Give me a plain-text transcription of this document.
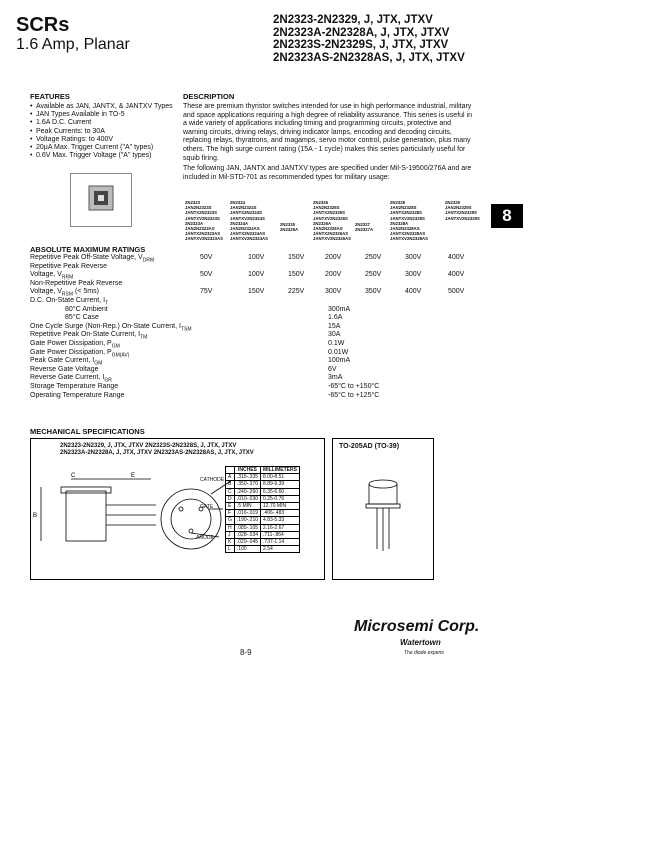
SCRs
1.6 Amp, Planar
2N2323-2N2329, J, JTX, JTXV
2N2323A-2N2328A, J, JTX, JTXV
2N2323S-2N2329S, J, JTX, JTXV
2N2323AS-2N2328AS, J, JTX, JTXV
FEATURES
• Available as JAN, JANTX, & JANTXV Types
• JAN Types Available in TO-5
• 1.6A D.C. Current
• Peak Currents: to 30A
• Voltage Ratings: to 400V
• 20µA Max. Trigger Current ("A" types)
• 0.6V Max. Trigger Voltage ("A" types)
DESCRIPTION

These are premium thyristor switches intended for use in high performance industrial, military and space applications requiring a high degree of reliability assurance. This series is useful in a wide variety of applications including timing and programming circuits, protective and warning circuits, driving relays, driving indicator lamps, encoding and decoding circuits, replacing relays, thyratrons, and magamps, servo motor control, pulse generation, plus many others. The high surge current rating (15A - 1 cycle) makes this series particularly useful for squib firing.

The following JAN, JANTX and JANTXV types are specified under Mil-S-19500/276A and are included in Mil-STD-701 as recommended types for military usage:

8
2N2323
JAN2N2323S
JANTX2N2323S
JANTXV2N2323S
2N2323A
JAN2N2323AS
JANTX2N2323AS
JANTXV2N2323AS
2N2324
JAN2N2324S
JANTX2N2324S
JANTXV2N2324S
2N2324A
JAN2N2324AS
JANTX2N2324AS
JANTXV2N2324AS
2N2325
2N2325A
2N2326
JAN2N2326S
JANTX2N2326S
JANTXV2N2326S
2N2326A
JAN2N2326AS
JANTX2N2326AS
JANTXV2N2326AS
2N2327
2N2327A
2N2328
JAN2N2328S
JANTX2N2328S
JANTXV2N2328S
2N2328A
JAN2N2328AS
JANTX2N2328AS
JANTXV2N2328AS
2N2329
JAN2N2329S
JANTX2N2329S
JANTXV2N2329S
ABSOLUTE MAXIMUM RATINGS
Repetitive Peak Off-State Voltage, $V_{DRM}$	50V	100V	150V	200V	250V	300V	400V
Repetitive Peak Reverse
Voltage, $V_{RRM}$	50V	100V	150V	200V	250V	300V	400V
Non-Repetitive Peak Reverse
Voltage, $V_{RSM}$ (< 5ms)	75V	150V	225V	300V	350V	400V	500V
D.C. On-State Current, $I_T$
80°C Ambient	300mA
85°C Case	1.6A
One Cycle Surge (Non-Rep.) On-State Current, $I_{TSM}$	15A
Repetitive Peak On-State Current, $I_{TM}$	30A
Gate Power Dissipation, $P_{GM}$	0.1W
Gate Power Dissipation, $P_{GM(AV)}$	0.01W
Peak Gate Current, $I_{GM}$	100mA
Reverse Gate Voltage	6V
Reverse Gate Current, $I_{GR}$	3mA
Storage Temperature Range	-65°C to +150°C
Operating Temperature Range	-65°C to +125°C
MECHANICAL SPECIFICATIONS
B
C	E
2N2323-2N2329, J, JTX, JTXV 2N2323S-2N2328S, J, JTX, JTXV
2N2323A-2N2328A, J, JTX, JTXV 2N2323AS-2N2328AS, J, JTX, JTXV
CATHODE
GATE
ANODE
	INCHES	MILLIMETERS
A	.315-.335	8.00-8.51
B	.350-.370	8.89-9.39
C	.240-.260	6.35-6.60
D	.010-.030	0.25-0.76
E	.5 MIN	12.70 MIN
F	.016-.019	.406-.483
G	.190-.210	4.83-5.33
H	.085-.105	2.16-2.67
J	.028-.034	.711-.864
K	.029-.045	.737-1.14
L	.100	2.54
TO-205AD (TO-39)
8-9
Microsemi Corp.
Watertown
The diode experts
